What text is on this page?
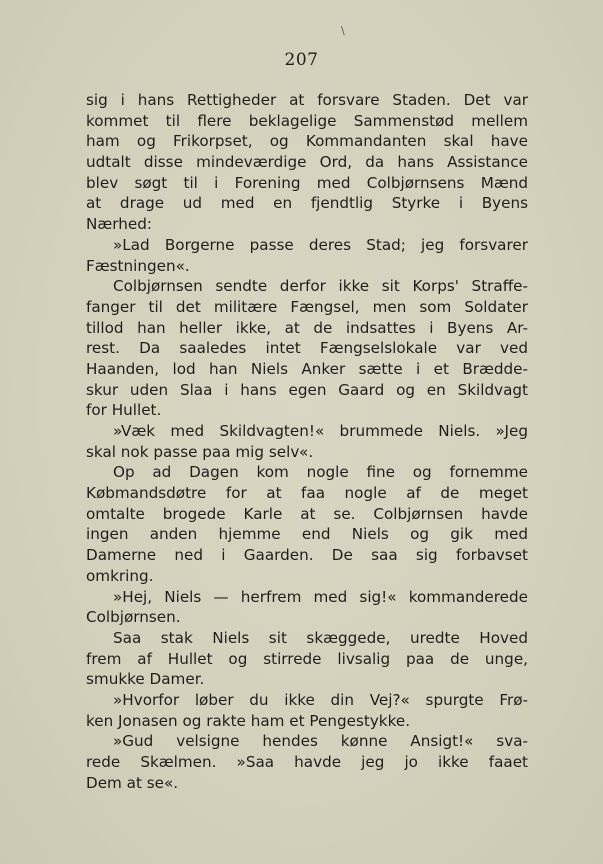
\
207
sig i hans Rettigheder at forsvare Staden. Det var
kommet til flere beklagelige Sammenstød mellem
ham og Frikorpset, og Kommandanten skal have
udtalt disse mindeværdige Ord, da hans Assistance
blev søgt til i Forening med Colbjørnsens Mænd
at drage ud med en fjendtlig Styrke i Byens
Nærhed:
»Lad Borgerne passe deres Stad; jeg forsvarer
Fæstningen«.
Colbjørnsen sendte derfor ikke sit Korps' Straffe-
fanger til det militære Fængsel, men som Soldater
tillod han heller ikke, at de indsattes i Byens Ar-
rest. Da saaledes intet Fængselslokale var ved
Haanden, lod han Niels Anker sætte i et Brædde-
skur uden Slaa i hans egen Gaard og en Skildvagt
for Hullet.
»Væk med Skildvagten!« brummede Niels. »Jeg
skal nok passe paa mig selv«.
Op ad Dagen kom nogle fine og fornemme
Købmandsdøtre for at faa nogle af de meget
omtalte brogede Karle at se. Colbjørnsen havde
ingen anden hjemme end Niels og gik med
Damerne ned i Gaarden. De saa sig forbavset
omkring.
»Hej, Niels — herfrem med sig!« kommanderede
Colbjørnsen.
Saa stak Niels sit skæggede, uredte Hoved
frem af Hullet og stirrede livsalig paa de unge,
smukke Damer.
»Hvorfor løber du ikke din Vej?« spurgte Frø-
ken Jonasen og rakte ham et Pengestykke.
»Gud velsigne hendes kønne Ansigt!« sva-
rede Skælmen. »Saa havde jeg jo ikke faaet
Dem at se«.
